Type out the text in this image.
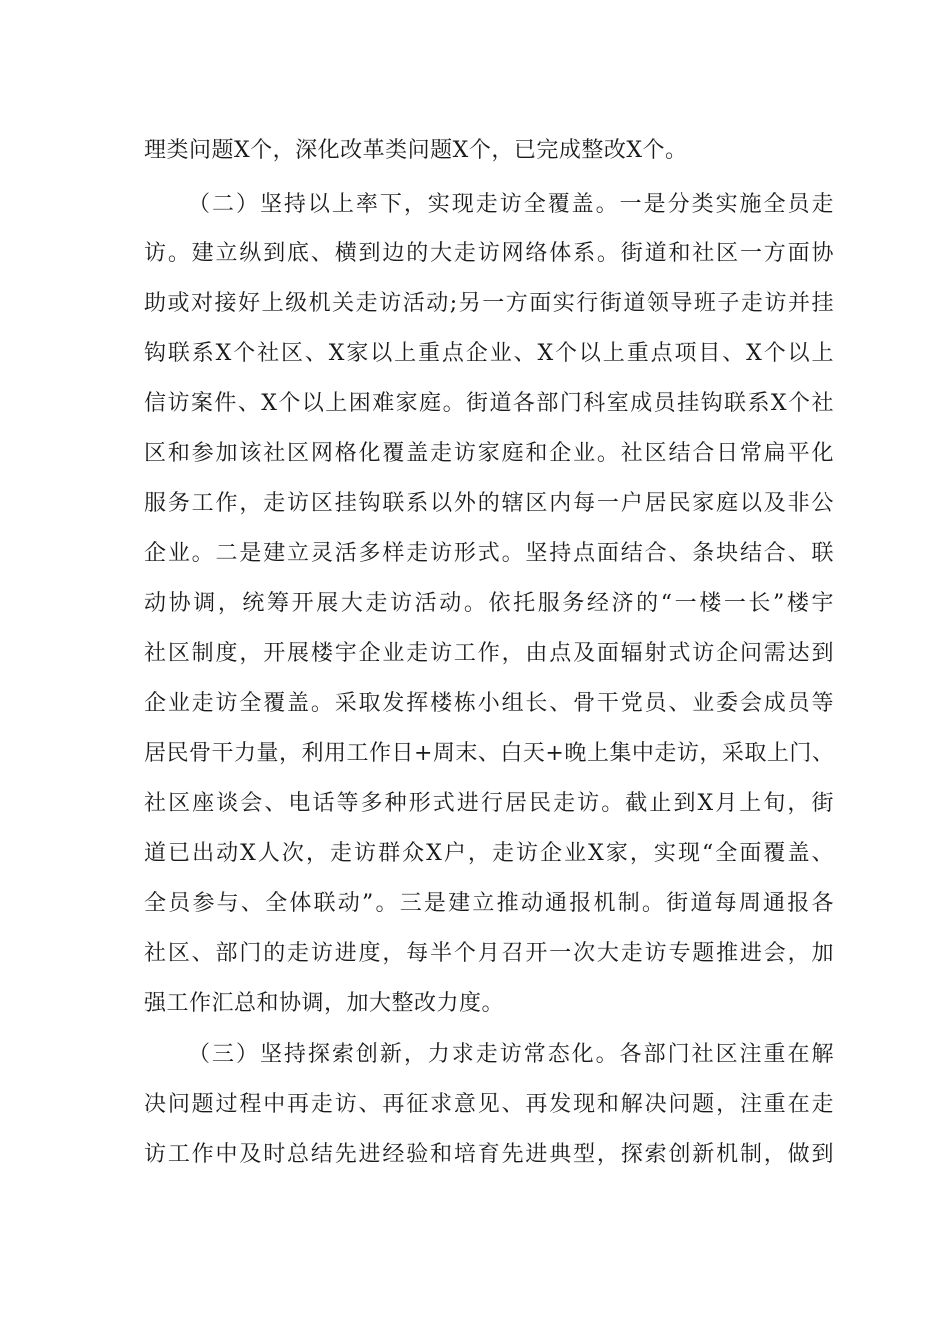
理类问题X个，深化改革类问题X个，已完成整改X个。
（二）坚持以上率下，实现走访全覆盖。一是分类实施全员走
访。建立纵到底、横到边的大走访网络体系。街道和社区一方面协
助或对接好上级机关走访活动;另一方面实行街道领导班子走访并挂
钩联系X个社区、X家以上重点企业、X个以上重点项目、X个以上
信访案件、X个以上困难家庭。街道各部门科室成员挂钩联系X个社
区和参加该社区网格化覆盖走访家庭和企业。社区结合日常扁平化
服务工作，走访区挂钩联系以外的辖区内每一户居民家庭以及非公
企业。二是建立灵活多样走访形式。坚持点面结合、条块结合、联
动协调，统筹开展大走访活动。依托服务经济的“一楼一长”楼宇
社区制度，开展楼宇企业走访工作，由点及面辐射式访企问需达到
企业走访全覆盖。采取发挥楼栋小组长、骨干党员、业委会成员等
居民骨干力量，利用工作日+周末、白天+晚上集中走访，采取上门、
社区座谈会、电话等多种形式进行居民走访。截止到X月上旬，街
道已出动X人次，走访群众X户，走访企业X家，实现“全面覆盖、
全员参与、全体联动”。三是建立推动通报机制。街道每周通报各
社区、部门的走访进度，每半个月召开一次大走访专题推进会，加
强工作汇总和协调，加大整改力度。
（三）坚持探索创新，力求走访常态化。各部门社区注重在解
决问题过程中再走访、再征求意见、再发现和解决问题，注重在走
访工作中及时总结先进经验和培育先进典型，探索创新机制，做到
